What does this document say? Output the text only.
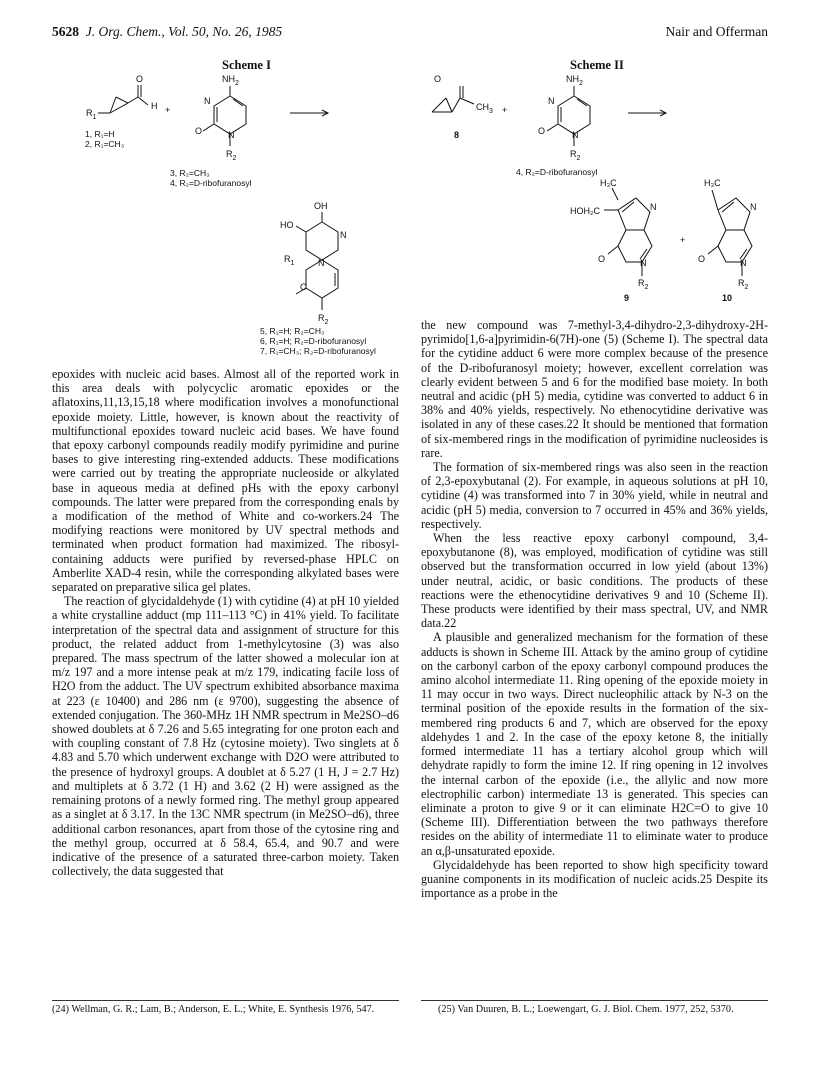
5628 J. Org. Chem., Vol. 50, No. 26, 1985	Nair and Offerman
Scheme I	Scheme II
$NH_2$
H +
O
$R_1$
N
O	N
$R_2$
1, R₁=H
2, R₁=CH₃
3, R₂=CH₃
4, R₂=D-ribofuranosyl
OH
HO
N
$R_1$	N
O
$R_2$
5, R₁=H; R₂=CH₃
6, R₁=H; R₂=D-ribofuranosyl
7, R₁=CH₃; R₂=D-ribofuranosyl
O
$CH_3$ +
8
$NH_2$
N
O	N
$R_2$
4, R₂=D-ribofuranosyl
H₃C
HOH₂C	N
O	N
$R_2$
+
H₃C
N
O	N
$R_2$
9	10

epoxides with nucleic acid bases. Almost all of the reported work in this area deals with polycyclic aromatic epoxides or the aflatoxins,11,13,15,18 where modification involves a monofunctional epoxide moiety. Little, however, is known about the reactivity of multifunctional epoxides toward nucleic acid bases. We have found that epoxy carbonyl compounds readily modify pyrimidine and purine bases to give interesting ring-extended adducts. These modifications were carried out by treating the appropriate nucleoside or alkylated base in aqueous media at defined pHs with the epoxy carbonyl compounds. The latter were prepared from the corresponding enals by a modification of the method of White and co-workers.24 The modifying reactions were monitored by UV spectral methods and terminated when product formation had maximized. The ribosyl-containing adducts were purified by reversed-phase HPLC on Amberlite XAD-4 resin, while the corresponding alkylated bases were separated on preparative silica gel plates.

The reaction of glycidaldehyde (1) with cytidine (4) at pH 10 yielded a white crystalline adduct (mp 111–113 °C) in 41% yield. To facilitate interpretation of the spectral data and assignment of structure for this product, the related adduct from 1-methylcytosine (3) was also prepared. The mass spectrum of the latter showed a molecular ion at m/z 197 and a more intense peak at m/z 179, indicating facile loss of H2O from the adduct. The UV spectrum exhibited absorbance maxima at 223 (ε 10400) and 286 nm (ε 9700), suggesting the absence of extended conjugation. The 360-MHz 1H NMR spectrum in Me2SO–d6 showed doublets at δ 7.26 and 5.65 integrating for one proton each and with coupling constant of 7.8 Hz (cytosine moiety). Two singlets at δ 4.83 and 5.70 which underwent exchange with D2O were attributed to the presence of hydroxyl groups. A doublet at δ 5.27 (1 H, J = 2.7 Hz) and multiplets at δ 3.72 (1 H) and 3.62 (2 H) were assigned as the remaining protons of a newly formed ring. The methyl group appeared as a singlet at δ 3.17. In the 13C NMR spectrum (in Me2SO–d6), three additional carbon resonances, apart from those of the cytosine ring and the methyl group, occurred at δ 58.4, 65.4, and 90.7 and were indicative of the presence of a saturated three-carbon moiety. Taken collectively, the data suggested that

the new compound was 7-methyl-3,4-dihydro-2,3-dihydroxy-2H-pyrimido[1,6-a]pyrimidin-6(7H)-one (5) (Scheme I). The spectral data for the cytidine adduct 6 were more complex because of the presence of the D-ribofuranosyl moiety; however, excellent correlation was clearly evident between 5 and 6 for the modified base moiety. In both neutral and acidic (pH 5) media, cytidine was converted to adduct 6 in 38% and 40% yields, respectively. No ethenocytidine derivative was isolated in any of these cases.22 It should be mentioned that formation of six-membered rings in the modification of pyrimidine nucleosides is rare.

The formation of six-membered rings was also seen in the reaction of 2,3-epoxybutanal (2). For example, in aqueous solutions at pH 10, cytidine (4) was transformed into 7 in 30% yield, while in neutral and acidic (pH 5) media, conversion to 7 occurred in 45% and 36% yields, respectively.

When the less reactive epoxy carbonyl compound, 3,4-epoxybutanone (8), was employed, modification of cytidine was still observed but the transformation occurred in low yield (about 13%) under neutral, acidic, or basic conditions. The products of these reactions were the ethenocytidine derivatives 9 and 10 (Scheme II). These products were identified by their mass spectral, UV, and NMR data.22

A plausible and generalized mechanism for the formation of these adducts is shown in Scheme III. Attack by the amino group of cytidine on the carbonyl carbon of the epoxy carbonyl compound produces the amino alcohol intermediate 11. Ring opening of the epoxide moiety in 11 may occur in two ways. Direct nucleophilic attack by N-3 on the terminal position of the epoxide results in the formation of the six-membered ring products 6 and 7, which are observed for the epoxy aldehydes 1 and 2. In the case of the epoxy ketone 8, the initially formed intermediate 11 has a tertiary alcohol group which will dehydrate rapidly to form the imine 12. If ring opening in 12 involves the internal carbon of the epoxide (i.e., the allylic and now more electrophilic carbon) intermediate 13 is generated. This species can eliminate a proton to give 9 or it can eliminate H2C=O to give 10 (Scheme III). Differentiation between the two pathways therefore resides on the ability of intermediate 11 to eliminate water to produce an α,β-unsaturated epoxide.

Glycidaldehyde has been reported to show high specificity toward guanine components in its modification of nucleic acids.25 Despite its importance as a probe in the

(24) Wellman, G. R.; Lam, B.; Anderson, E. L.; White, E. Synthesis 1976, 547.	(25) Van Duuren, B. L.; Loewengart, G. J. Biol. Chem. 1977, 252, 5370.
